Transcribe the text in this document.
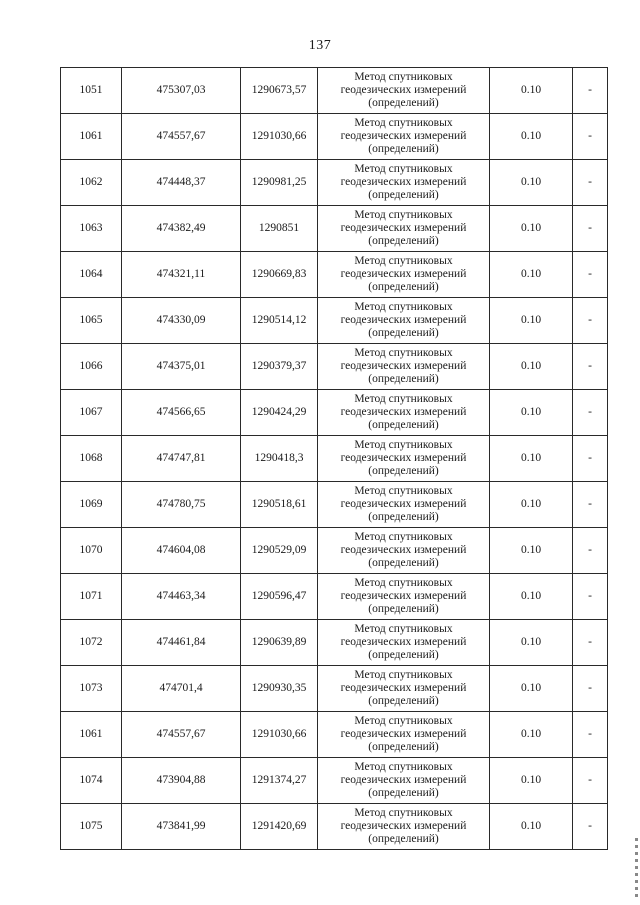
137
1051	475307,03	1290673,57	Метод спутниковых геодезических измерений (определений)	0.10	-
1061	474557,67	1291030,66	Метод спутниковых геодезических измерений (определений)	0.10	-
1062	474448,37	1290981,25	Метод спутниковых геодезических измерений (определений)	0.10	-
1063	474382,49	1290851	Метод спутниковых геодезических измерений (определений)	0.10	-
1064	474321,11	1290669,83	Метод спутниковых геодезических измерений (определений)	0.10	-
1065	474330,09	1290514,12	Метод спутниковых геодезических измерений (определений)	0.10	-
1066	474375,01	1290379,37	Метод спутниковых геодезических измерений (определений)	0.10	-
1067	474566,65	1290424,29	Метод спутниковых геодезических измерений (определений)	0.10	-
1068	474747,81	1290418,3	Метод спутниковых геодезических измерений (определений)	0.10	-
1069	474780,75	1290518,61	Метод спутниковых геодезических измерений (определений)	0.10	-
1070	474604,08	1290529,09	Метод спутниковых геодезических измерений (определений)	0.10	-
1071	474463,34	1290596,47	Метод спутниковых геодезических измерений (определений)	0.10	-
1072	474461,84	1290639,89	Метод спутниковых геодезических измерений (определений)	0.10	-
1073	474701,4	1290930,35	Метод спутниковых геодезических измерений (определений)	0.10	-
1061	474557,67	1291030,66	Метод спутниковых геодезических измерений (определений)	0.10	-
1074	473904,88	1291374,27	Метод спутниковых геодезических измерений (определений)	0.10	-
1075	473841,99	1291420,69	Метод спутниковых геодезических измерений (определений)	0.10	-
